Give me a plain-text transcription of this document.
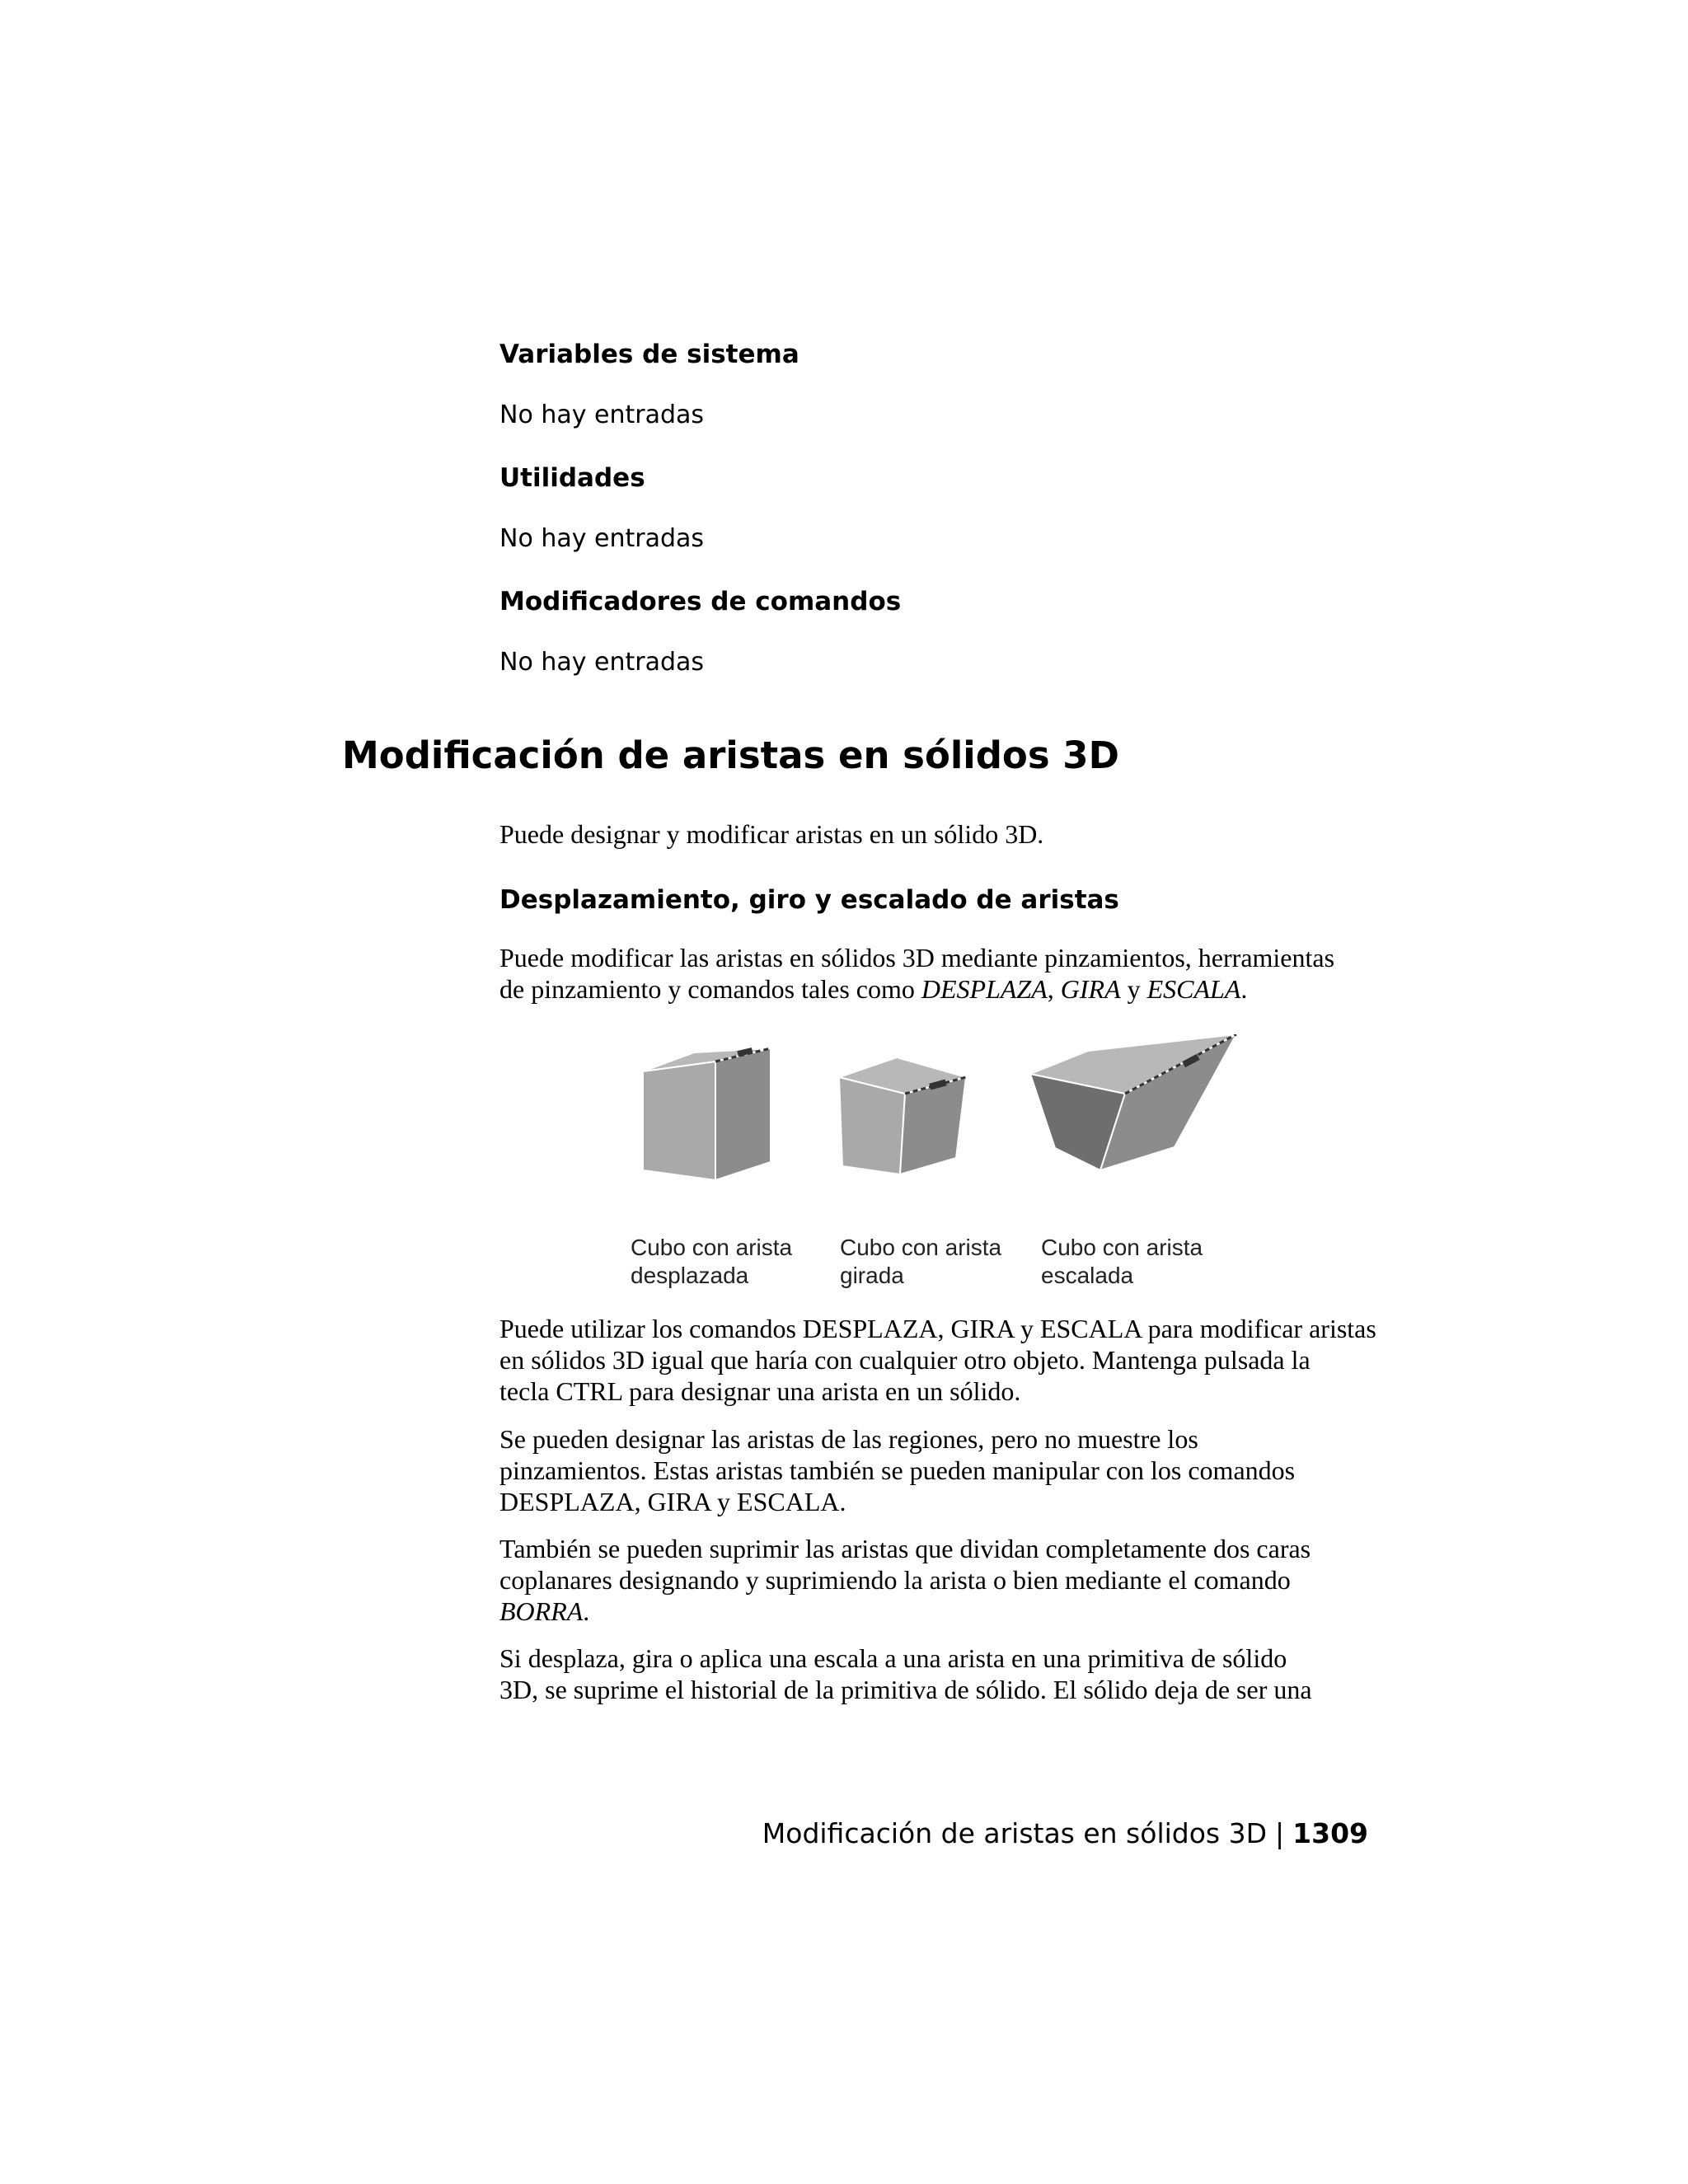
Variables de sistema
No hay entradas
Utilidades
No hay entradas
Modificadores de comandos
No hay entradas
Modificación de aristas en sólidos 3D
Puede designar y modificar aristas en un sólido 3D.
Desplazamiento, giro y escalado de aristas
Puede modificar las aristas en sólidos 3D mediante pinzamientos, herramientas
de pinzamiento y comandos tales como DESPLAZA, GIRA y ESCALA.
Cubo con arista
desplazada
Cubo con arista
girada
Cubo con arista
escalada
Puede utilizar los comandos DESPLAZA, GIRA y ESCALA para modificar aristas
en sólidos 3D igual que haría con cualquier otro objeto. Mantenga pulsada la
tecla CTRL para designar una arista en un sólido.
Se pueden designar las aristas de las regiones, pero no muestre los
pinzamientos. Estas aristas también se pueden manipular con los comandos
DESPLAZA, GIRA y ESCALA.
También se pueden suprimir las aristas que dividan completamente dos caras
coplanares designando y suprimiendo la arista o bien mediante el comando
BORRA.
Si desplaza, gira o aplica una escala a una arista en una primitiva de sólido
3D, se suprime el historial de la primitiva de sólido. El sólido deja de ser una
Modificación de aristas en sólidos 3D | 1309
